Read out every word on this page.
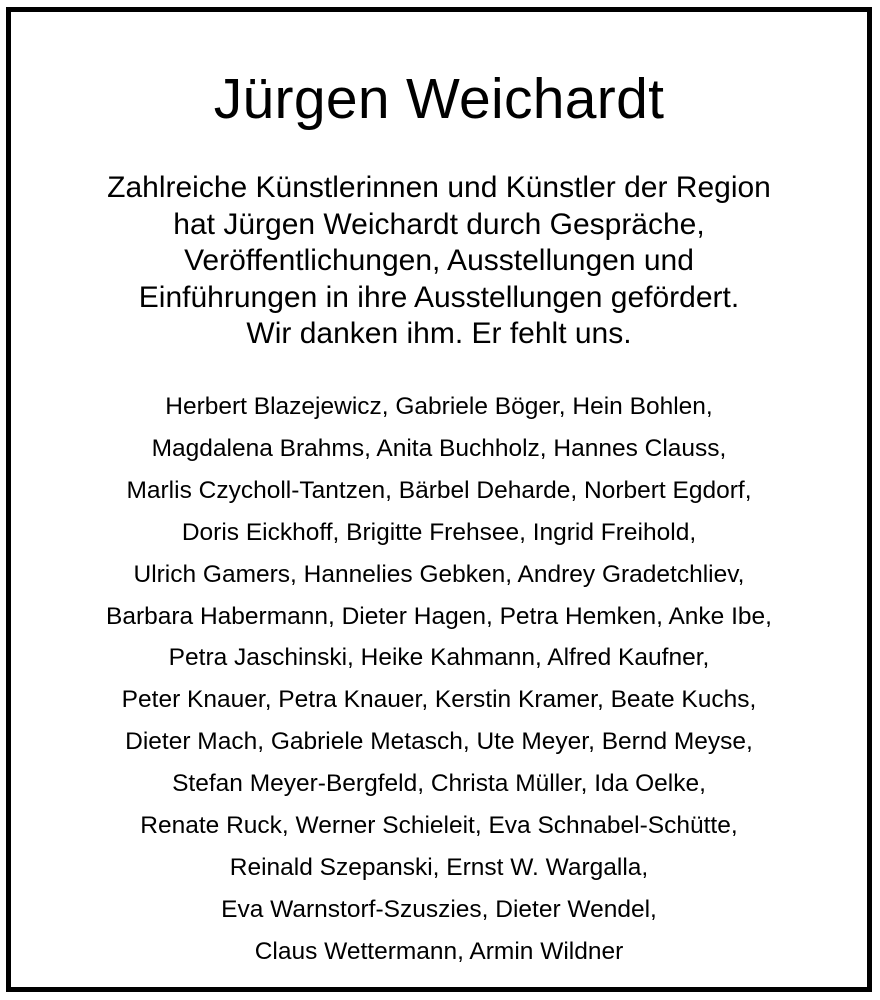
Jürgen Weichardt
Zahlreiche Künstlerinnen und Künstler der Region
hat Jürgen Weichardt durch Gespräche,
Veröffentlichungen, Ausstellungen und
Einführungen in ihre Ausstellungen gefördert.
Wir danken ihm. Er fehlt uns.
Herbert Blazejewicz, Gabriele Böger, Hein Bohlen,
Magdalena Brahms, Anita Buchholz, Hannes Clauss,
Marlis Czycholl-Tantzen, Bärbel Deharde, Norbert Egdorf,
Doris Eickhoff, Brigitte Frehsee, Ingrid Freihold,
Ulrich Gamers, Hannelies Gebken, Andrey Gradetchliev,
Barbara Habermann, Dieter Hagen, Petra Hemken, Anke Ibe,
Petra Jaschinski, Heike Kahmann, Alfred Kaufner,
Peter Knauer, Petra Knauer, Kerstin Kramer, Beate Kuchs,
Dieter Mach, Gabriele Metasch, Ute Meyer, Bernd Meyse,
Stefan Meyer-Bergfeld, Christa Müller, Ida Oelke,
Renate Ruck, Werner Schieleit, Eva Schnabel-Schütte,
Reinald Szepanski, Ernst W. Wargalla,
Eva Warnstorf-Szuszies, Dieter Wendel,
Claus Wettermann, Armin Wildner
